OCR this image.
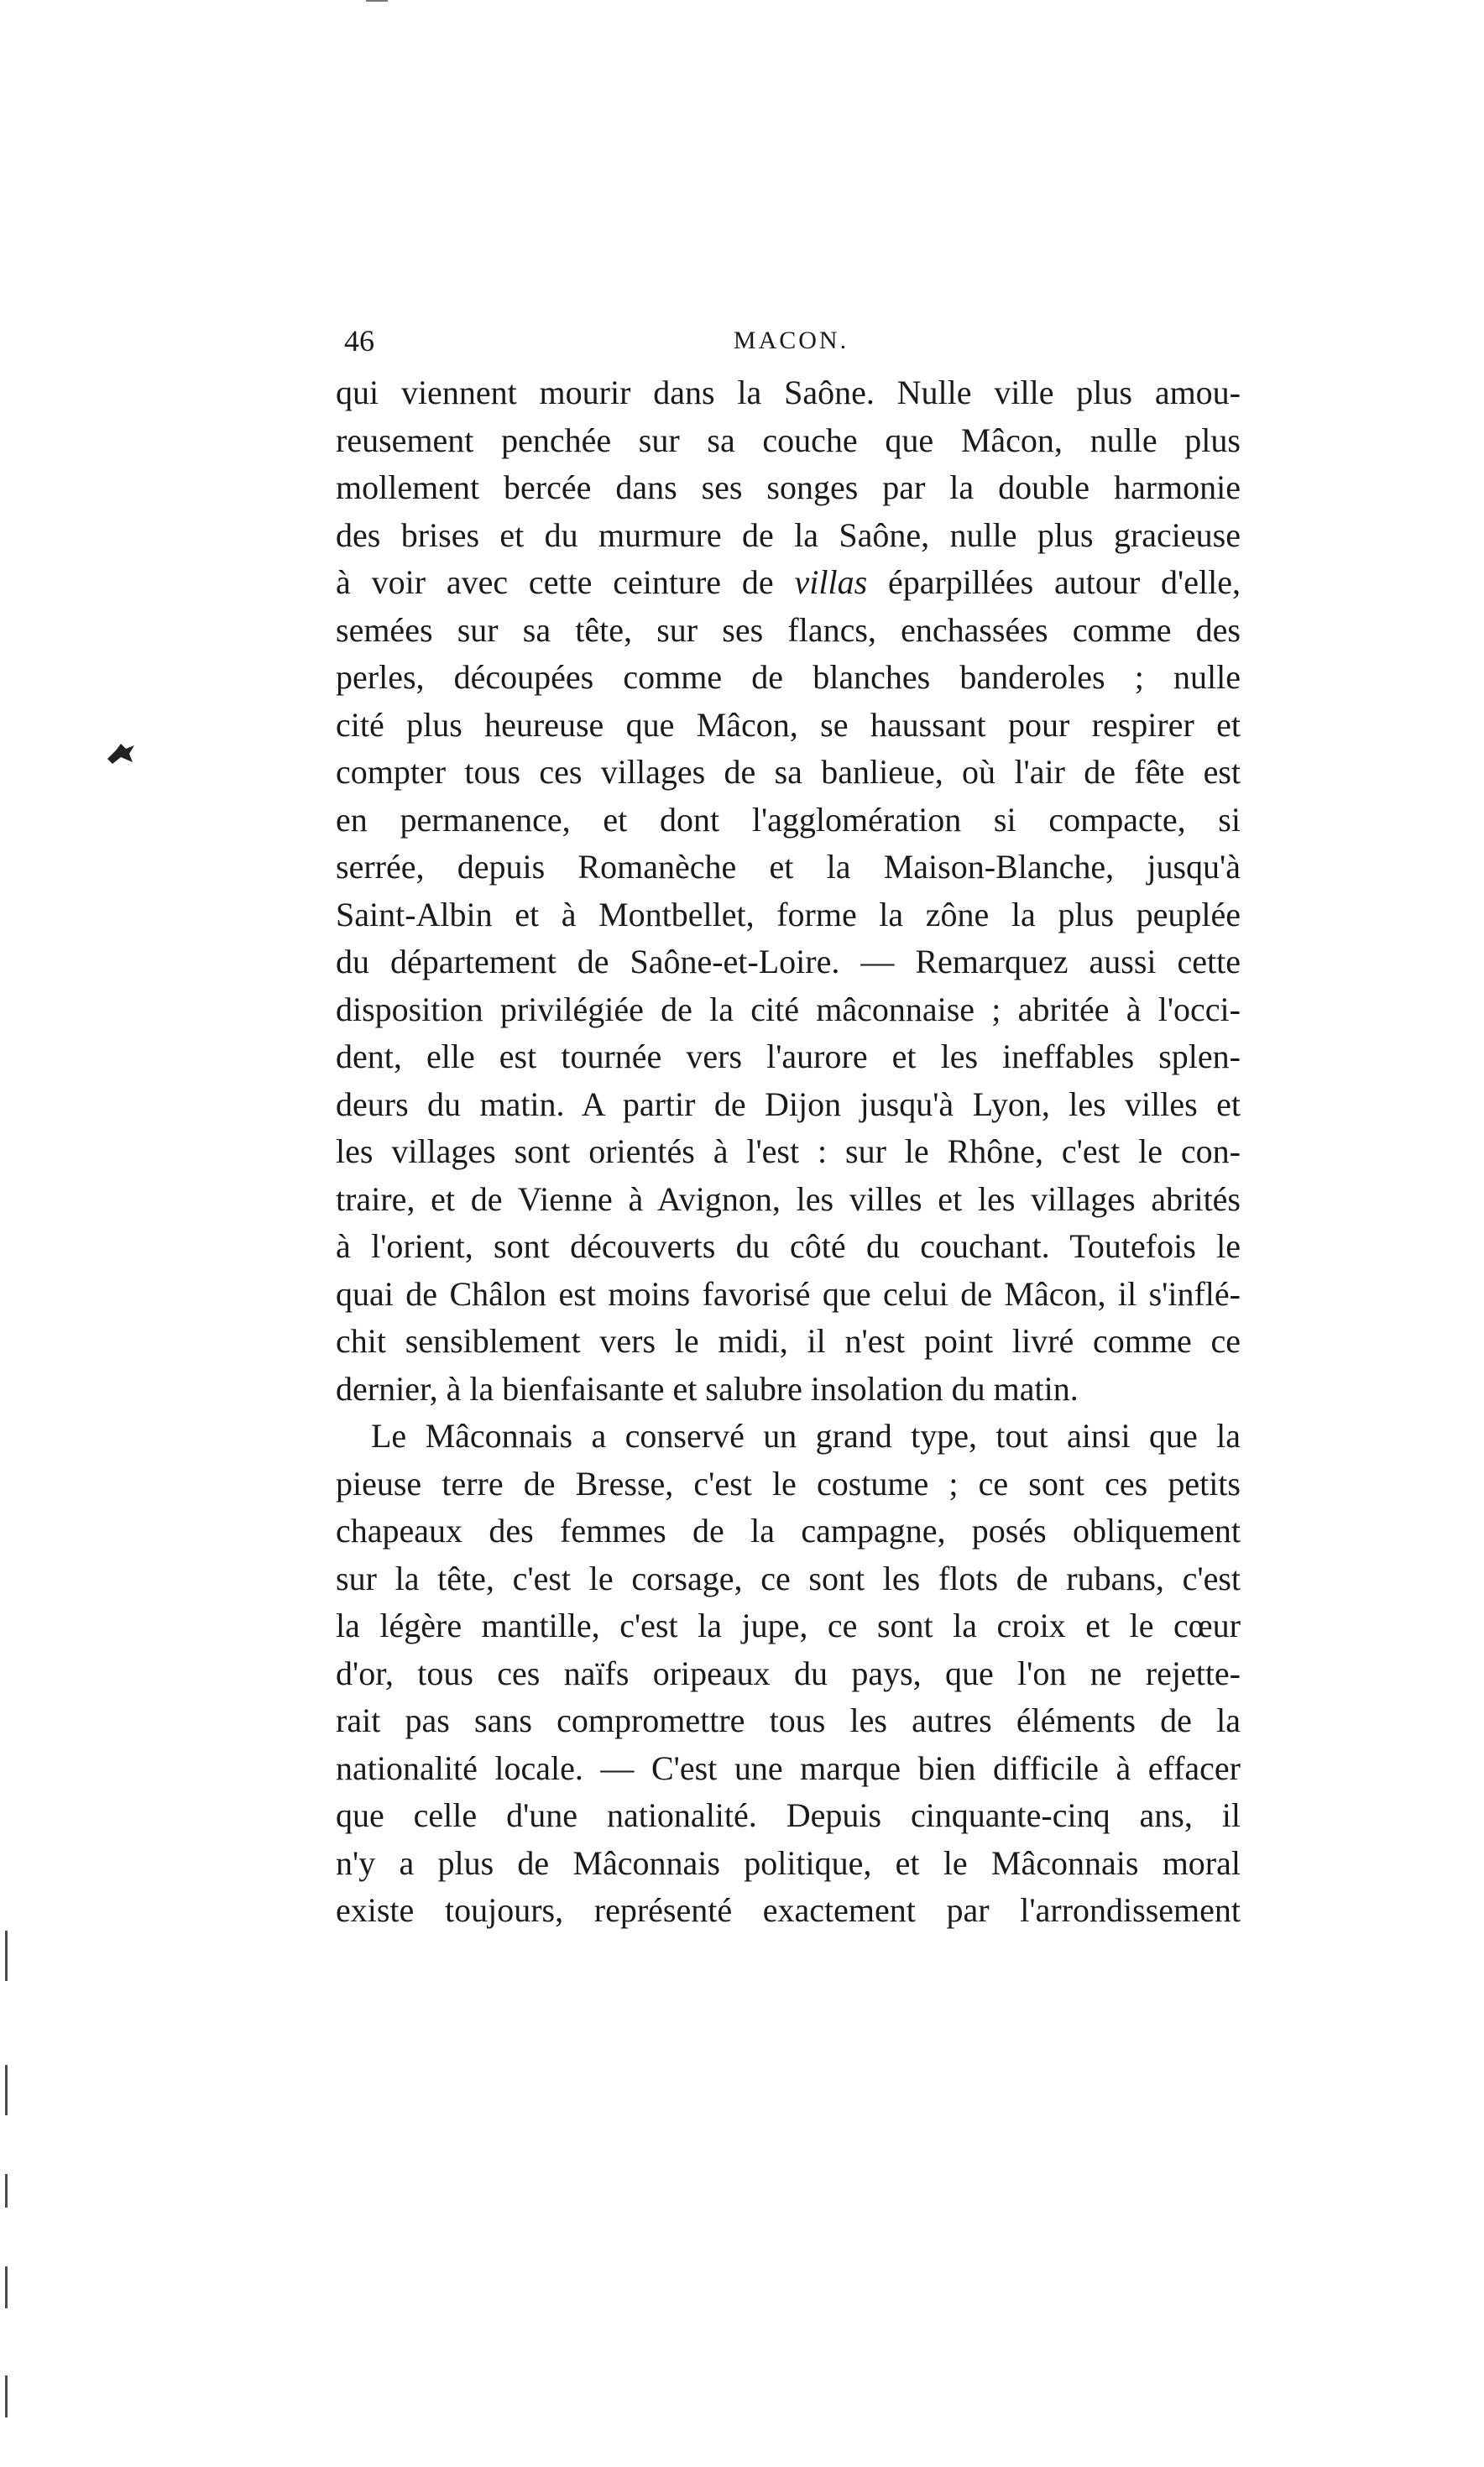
46	MACON.
qui viennent mourir dans la Saône. Nulle ville plus amou-
reusement penchée sur sa couche que Mâcon, nulle plus
mollement bercée dans ses songes par la double harmonie
des brises et du murmure de la Saône, nulle plus gracieuse
à voir avec cette ceinture de villas éparpillées autour d'elle,
semées sur sa tête, sur ses flancs, enchassées comme des
perles, découpées comme de blanches banderoles ; nulle
cité plus heureuse que Mâcon, se haussant pour respirer et
compter tous ces villages de sa banlieue, où l'air de fête est
en permanence, et dont l'agglomération si compacte, si
serrée, depuis Romanèche et la Maison-Blanche, jusqu'à
Saint-Albin et à Montbellet, forme la zône la plus peuplée
du département de Saône-et-Loire. — Remarquez aussi cette
disposition privilégiée de la cité mâconnaise ; abritée à l'occi-
dent, elle est tournée vers l'aurore et les ineffables splen-
deurs du matin. A partir de Dijon jusqu'à Lyon, les villes et
les villages sont orientés à l'est : sur le Rhône, c'est le con-
traire, et de Vienne à Avignon, les villes et les villages abrités
à l'orient, sont découverts du côté du couchant. Toutefois le
quai de Châlon est moins favorisé que celui de Mâcon, il s'inflé-
chit sensiblement vers le midi, il n'est point livré comme ce
dernier, à la bienfaisante et salubre insolation du matin.
Le Mâconnais a conservé un grand type, tout ainsi que la
pieuse terre de Bresse, c'est le costume ; ce sont ces petits
chapeaux des femmes de la campagne, posés obliquement
sur la tête, c'est le corsage, ce sont les flots de rubans, c'est
la légère mantille, c'est la jupe, ce sont la croix et le cœur
d'or, tous ces naïfs oripeaux du pays, que l'on ne rejette-
rait pas sans compromettre tous les autres éléments de la
nationalité locale. — C'est une marque bien difficile à effacer
que celle d'une nationalité. Depuis cinquante-cinq ans, il
n'y a plus de Mâconnais politique, et le Mâconnais moral
existe toujours, représenté exactement par l'arrondissement
